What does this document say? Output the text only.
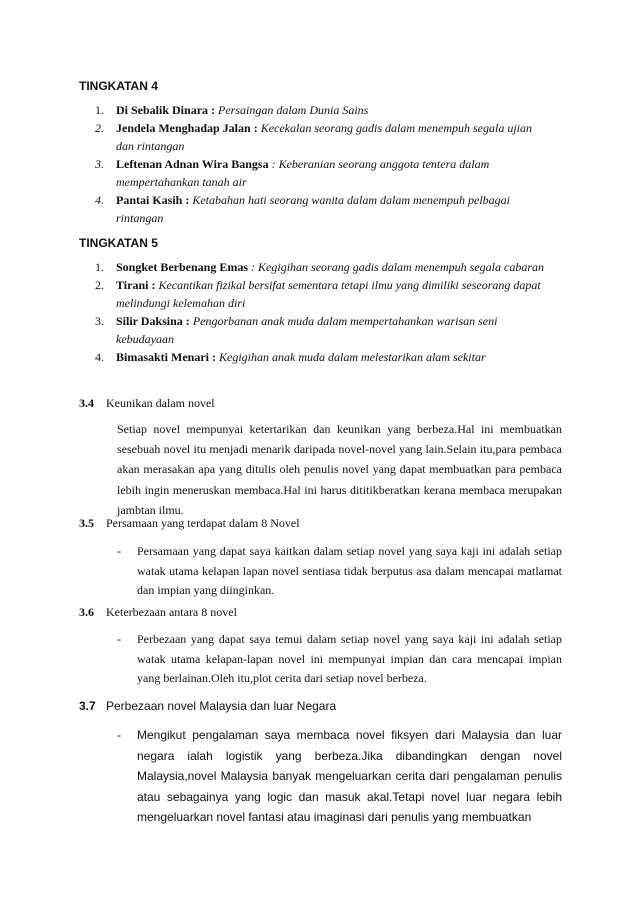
TINGKATAN 4
1. Di Sebalik Dinara : Persaingan dalam Dunia Sains
2. Jendela Menghadap Jalan : Kecekalan seorang gadis dalam menempuh segala ujian dan rintangan
3. Leftenan Adnan Wira Bangsa : Keberanian seorang anggota tentera dalam mempertahankan tanah air
4. Pantai Kasih : Ketabahan hati seorang wanita dalam dalam menempuh pelbagai rintangan
TINGKATAN 5
1. Songket Berbenang Emas : Kegigihan seorang gadis dalam menempuh segala cabaran
2. Tirani : Kecantikan fizikal bersifat sementara tetapi ilmu yang dimiliki seseorang dapat melindungi kelemahan diri
3. Silir Daksina : Pengorbanan anak muda dalam mempertahankan warisan seni kebudayaan
4. Bimasakti Menari : Kegigihan anak muda dalam melestarikan alam sekitar
3.4 Keunikan dalam novel

Setiap novel mempunyai ketertarikan dan keunikan yang berbeza.Hal ini membuatkan sesebuah novel itu menjadi menarik daripada novel-novel yang lain.Selain itu,para pembaca akan merasakan apa yang ditulis oleh penulis novel yang dapat membuatkan para pembaca lebih ingin meneruskan membaca.Hal ini harus dititikberatkan kerana membaca merupakan jambtan ilmu.

3.5 Persamaan yang terdapat dalam 8 Novel
-	Persamaan yang dapat saya kaitkan dalam setiap novel yang saya kaji ini adalah setiap watak utama kelapan lapan novel sentiasa tidak berputus asa dalam mencapai matlamat dan impian yang diinginkan.
3.6 Keterbezaan antara 8 novel
-	Perbezaan yang dapat saya temui dalam setiap novel yang saya kaji ini adalah setiap watak utama kelapan-lapan novel ini mempunyai impian dan cara mencapai impian yang berlainan.Oleh itu,plot cerita dari setiap novel berbeza.
3.7 Perbezaan novel Malaysia dan luar Negara
-	Mengikut pengalaman saya membaca novel fiksyen dari Malaysia dan luar negara ialah logistik yang berbeza.Jika dibandingkan dengan novel Malaysia,novel Malaysia banyak mengeluarkan cerita dari pengalaman penulis atau sebagainya yang logic dan masuk akal.Tetapi novel luar negara lebih mengeluarkan novel fantasi atau imaginasi dari penulis yang membuatkan
